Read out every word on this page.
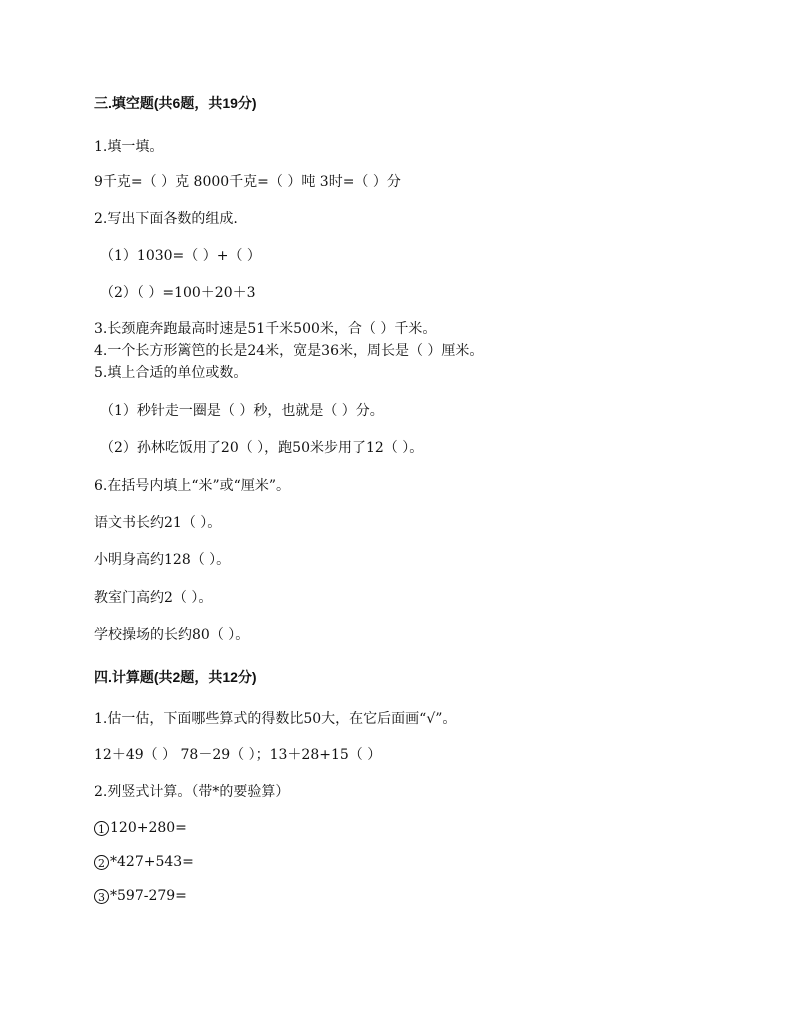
三.填空题(共6题，共19分)
1.填一填。
9千克=（ ）克 8000千克=（ ）吨 3时=（ ）分
2.写出下面各数的组成.
（1）1030=（ ）+（ ）
（2）（ ）=100＋20＋3
3.长颈鹿奔跑最高时速是51千米500米，合（ ）千米。
4.一个长方形篱笆的长是24米，宽是36米，周长是（ ）厘米。
5.填上合适的单位或数。
（1）秒针走一圈是（ ）秒，也就是（ ）分。
（2）孙林吃饭用了20（ ），跑50米步用了12（ ）。
6.在括号内填上“米”或“厘米”。
语文书长约21（ ）。
小明身高约128（ ）。
教室门高约2（ ）。
学校操场的长约80（ ）。
四.计算题(共2题，共12分)
1.估一估，下面哪些算式的得数比50大，在它后面画“√”。
12＋49（ ） 78－29（ ）；13＋28+15（ ）
2.列竖式计算。（带*的要验算）
1 120+280=
2 *427+543=
3 *597-279=
